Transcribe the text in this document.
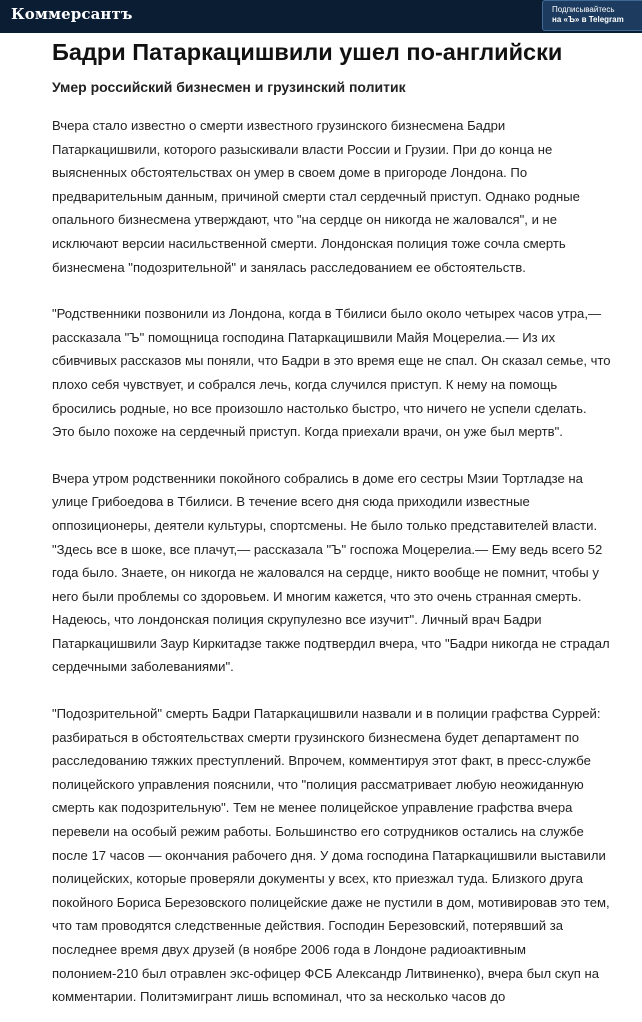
Коммерсантъ	Подписывайтесь
на «Ъ» в Telegram
Бадри Патаркацишвили ушел по-английски
Умер российский бизнесмен и грузинский политик

Вчера стало известно о смерти известного грузинского бизнесмена Бадри Патаркацишвили, которого разыскивали власти России и Грузии. При до конца не выясненных обстоятельствах он умер в своем доме в пригороде Лондона. По предварительным данным, причиной смерти стал сердечный приступ. Однако родные опального бизнесмена утверждают, что "на сердце он никогда не жаловался", и не исключают версии насильственной смерти. Лондонская полиция тоже сочла смерть бизнесмена "подозрительной" и занялась расследованием ее обстоятельств.

"Родственники позвонили из Лондона, когда в Тбилиси было около четырех часов утра,— рассказала "Ъ" помощница господина Патаркацишвили Майя Моцерелиа.— Из их сбивчивых рассказов мы поняли, что Бадри в это время еще не спал. Он сказал семье, что плохо себя чувствует, и собрался лечь, когда случился приступ. К нему на помощь бросились родные, но все произошло настолько быстро, что ничего не успели сделать. Это было похоже на сердечный приступ. Когда приехали врачи, он уже был мертв".

Вчера утром родственники покойного собрались в доме его сестры Мзии Тортладзе на улице Грибоедова в Тбилиси. В течение всего дня сюда приходили известные оппозиционеры, деятели культуры, спортсмены. Не было только представителей власти. "Здесь все в шоке, все плачут,— рассказала "Ъ" госпожа Моцерелиа.— Ему ведь всего 52 года было. Знаете, он никогда не жаловался на сердце, никто вообще не помнит, чтобы у него были проблемы со здоровьем. И многим кажется, что это очень странная смерть. Надеюсь, что лондонская полиция скрупулезно все изучит". Личный врач Бадри Патаркацишвили Заур Киркитадзе также подтвердил вчера, что "Бадри никогда не страдал сердечными заболеваниями".

"Подозрительной" смерть Бадри Патаркацишвили назвали и в полиции графства Суррей: разбираться в обстоятельствах смерти грузинского бизнесмена будет департамент по расследованию тяжких преступлений. Впрочем, комментируя этот факт, в пресс-службе полицейского управления пояснили, что "полиция рассматривает любую неожиданную смерть как подозрительную". Тем не менее полицейское управление графства вчера перевели на особый режим работы. Большинство его сотрудников остались на службе после 17 часов — окончания рабочего дня. У дома господина Патаркацишвили выставили полицейских, которые проверяли документы у всех, кто приезжал туда. Близкого друга покойного Бориса Березовского полицейские даже не пустили в дом, мотивировав это тем, что там проводятся следственные действия. Господин Березовский, потерявший за последнее время двух друзей (в ноябре 2006 года в Лондоне радиоактивным полонием-210 был отравлен экс-офицер ФСБ Александр Литвиненко), вчера был скуп на комментарии. Политэмигрант лишь вспоминал, что за несколько часов до
